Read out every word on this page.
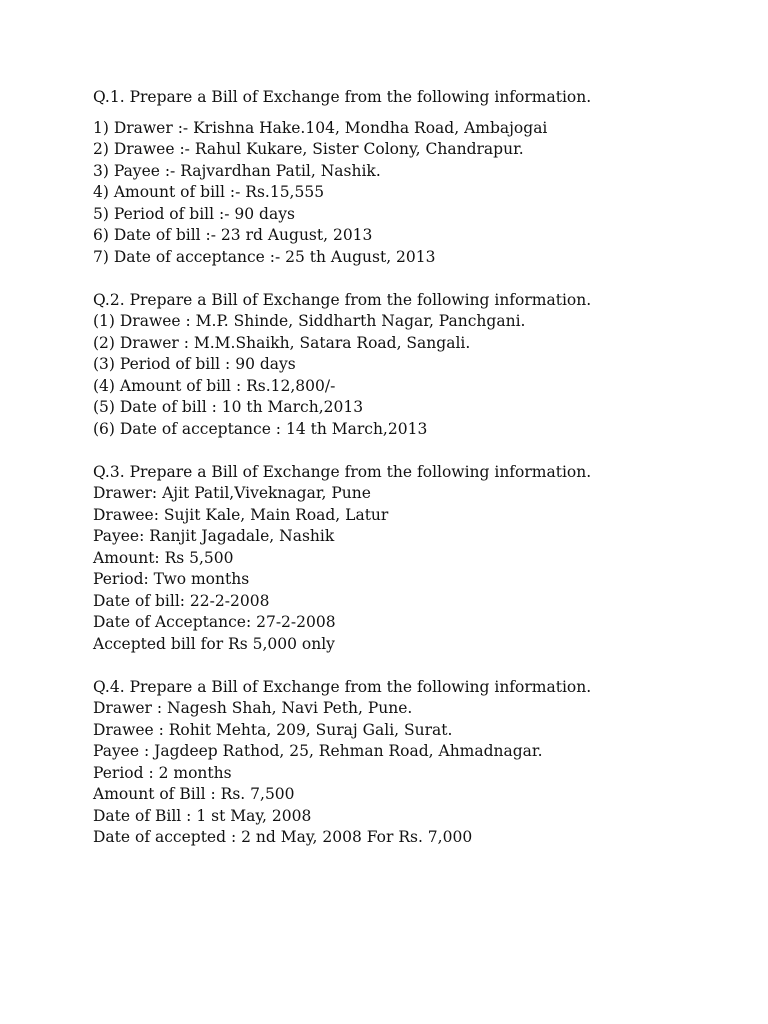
Q.1. Prepare a Bill of Exchange from the following information.
1) Drawer :- Krishna Hake.104, Mondha Road, Ambajogai
2) Drawee :- Rahul Kukare, Sister Colony, Chandrapur.
3) Payee :- Rajvardhan Patil, Nashik.
4) Amount of bill :- Rs.15,555
5) Period of bill :- 90 days
6) Date of bill :- 23 rd August, 2013
7) Date of acceptance :- 25 th August, 2013
Q.2. Prepare a Bill of Exchange from the following information.
(1) Drawee : M.P. Shinde, Siddharth Nagar, Panchgani.
(2) Drawer : M.M.Shaikh, Satara Road, Sangali.
(3) Period of bill : 90 days
(4) Amount of bill : Rs.12,800/-
(5) Date of bill : 10 th March,2013
(6) Date of acceptance : 14 th March,2013
Q.3. Prepare a Bill of Exchange from the following information.
Drawer: Ajit Patil,Viveknagar, Pune
Drawee: Sujit Kale, Main Road, Latur
Payee: Ranjit Jagadale, Nashik
Amount: Rs 5,500
Period: Two months
Date of bill: 22-2-2008
Date of Acceptance: 27-2-2008
Accepted bill for Rs 5,000 only
Q.4. Prepare a Bill of Exchange from the following information.
Drawer : Nagesh Shah, Navi Peth, Pune.
Drawee : Rohit Mehta, 209, Suraj Gali, Surat.
Payee : Jagdeep Rathod, 25, Rehman Road, Ahmadnagar.
Period : 2 months
Amount of Bill : Rs. 7,500
Date of Bill : 1 st May, 2008
Date of accepted : 2 nd May, 2008 For Rs. 7,000
